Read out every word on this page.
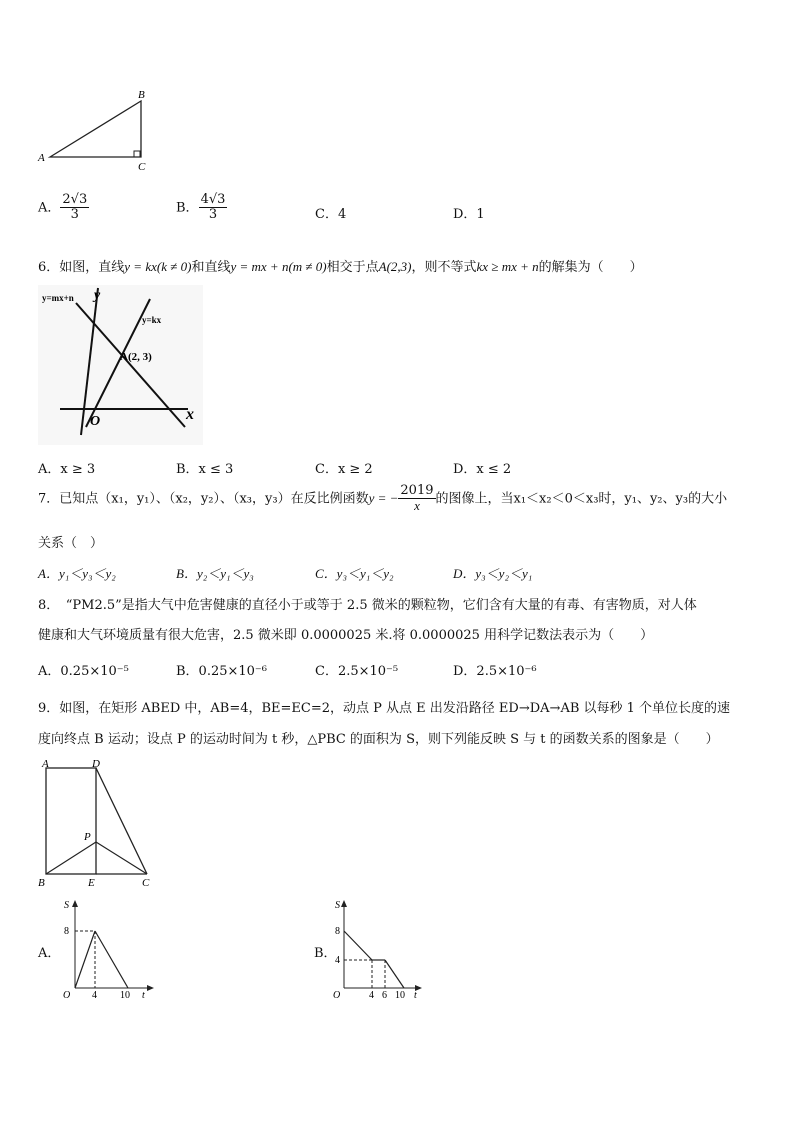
A
B
C
A． $\frac{2√3}{3}$	B． $\frac{4√3}{3}$	C．4	D．1
6．如图，直线y = kx(k ≠ 0)和直线y = mx + n(m ≠ 0)相交于点A(2,3)，则不等式kx ≥ mx + n的解集为（　　）
y=mx+n
y=kx
y
x
O
A(2, 3)
A．x ≥ 3	B．x ≤ 3	C．x ≥ 2	D．x ≤ 2
7．已知点（x₁，y₁）、（x₂，y₂）、（x₃，y₃）在反比例函数y = − $\frac{2019}{x}$ 的图像上，当x₁＜x₂＜0＜x₃时，y₁、y₂、y₃的大小
关系（　）
A．y₁＜y₃＜y₂	B．y₂＜y₁＜y₃	C．y₃＜y₁＜y₂	D．y₃＜y₂＜y₁
8．　“PM2.5”是指大气中危害健康的直径小于或等于 2.5 微米的颗粒物，它们含有大量的有毒、有害物质，对人体
健康和大气环境质量有很大危害，2.5 微米即 0.0000025 米.将 0.0000025 用科学记数法表示为（　　）
A．0.25×10⁻⁵	B．0.25×10⁻⁶	C．2.5×10⁻⁵	D．2.5×10⁻⁶
9．如图，在矩形 ABED 中，AB=4，BE=EC=2，动点 P 从点 E 出发沿路径 ED→DA→AB 以每秒 1 个单位长度的速
度向终点 B 运动；设点 P 的运动时间为 t 秒，△PBC 的面积为 S，则下列能反映 S 与 t 的函数关系的图象是（　　）
A	D
P
B	E	C
A．
S
8
O 4 10 t
B．
S
8
4
O	4 6 10 t
